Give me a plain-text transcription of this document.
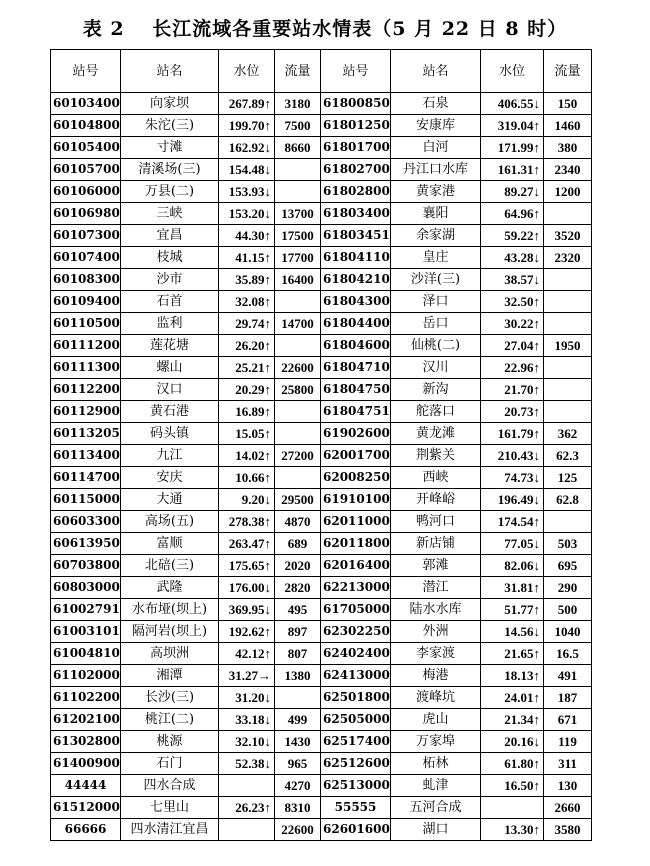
表 2　 长江流域各重要站水情表（5 月 22 日 8 时）
站号	站名	水位	流量	站号	站名	水位	流量
60103400	向家坝	267.89↑	3180	61800850	石泉	406.55↓	150
60104800	朱沱(三)	199.70↑	7500	61801250	安康库	319.04↑	1460
60105400	寸滩	162.92↓	8660	61801700	白河	171.99↑	380
60105700	清溪场(三)	154.48↓		61802700	丹江口水库	161.31↑	2340
60106000	万县(二)	153.93↓		61802800	黄家港	89.27↓	1200
60106980	三峡	153.20↓	13700	61803400	襄阳	64.96↑	
60107300	宜昌	44.30↑	17500	61803451	余家湖	59.22↑	3520
60107400	枝城	41.15↑	17700	61804110	皇庄	43.28↓	2320
60108300	沙市	35.89↑	16400	61804210	沙洋(三)	38.57↓	
60109400	石首	32.08↑		61804300	泽口	32.50↑	
60110500	监利	29.74↑	14700	61804400	岳口	30.22↑	
60111200	莲花塘	26.20↑		61804600	仙桃(二)	27.04↑	1950
60111300	螺山	25.21↑	22600	61804710	汉川	22.96↑	
60112200	汉口	20.29↑	25800	61804750	新沟	21.70↑	
60112900	黄石港	16.89↑		61804751	舵落口	20.73↑	
60113205	码头镇	15.05↑		61902600	黄龙滩	161.79↑	362
60113400	九江	14.02↑	27200	62001700	荆紫关	210.43↓	62.3
60114700	安庆	10.66↑		62008250	西峡	74.73↓	125
60115000	大通	9.20↓	29500	61910100	开峰峪	196.49↓	62.8
60603300	高场(五)	278.38↑	4870	62011000	鸭河口	174.54↑	
60613950	富顺	263.47↑	689	62011800	新店铺	77.05↓	503
60703800	北碚(三)	175.65↑	2020	62016400	郭滩	82.06↓	695
60803000	武隆	176.00↓	2820	62213000	潜江	31.81↑	290
61002791	水布垭(坝上)	369.95↓	495	61705000	陆水水库	51.77↑	500
61003101	隔河岩(坝上)	192.62↑	897	62302250	外洲	14.56↓	1040
61004810	高坝洲	42.12↑	807	62402400	李家渡	21.65↑	16.5
61102000	湘潭	31.27→	1380	62413000	梅港	18.13↑	491
61102200	长沙(三)	31.20↓		62501800	渡峰坑	24.01↑	187
61202100	桃江(二)	33.18↓	499	62505000	虎山	21.34↑	671
61302800	桃源	32.10↓	1430	62517400	万家埠	20.16↓	119
61400900	石门	52.38↓	965	62512600	柘林	61.80↑	311
44444	四水合成		4270	62513000	虬津	16.50↑	130
61512000	七里山	26.23↑	8310	55555	五河合成		2660
66666	四水清江宜昌		22600	62601600	湖口	13.30↑	3580
